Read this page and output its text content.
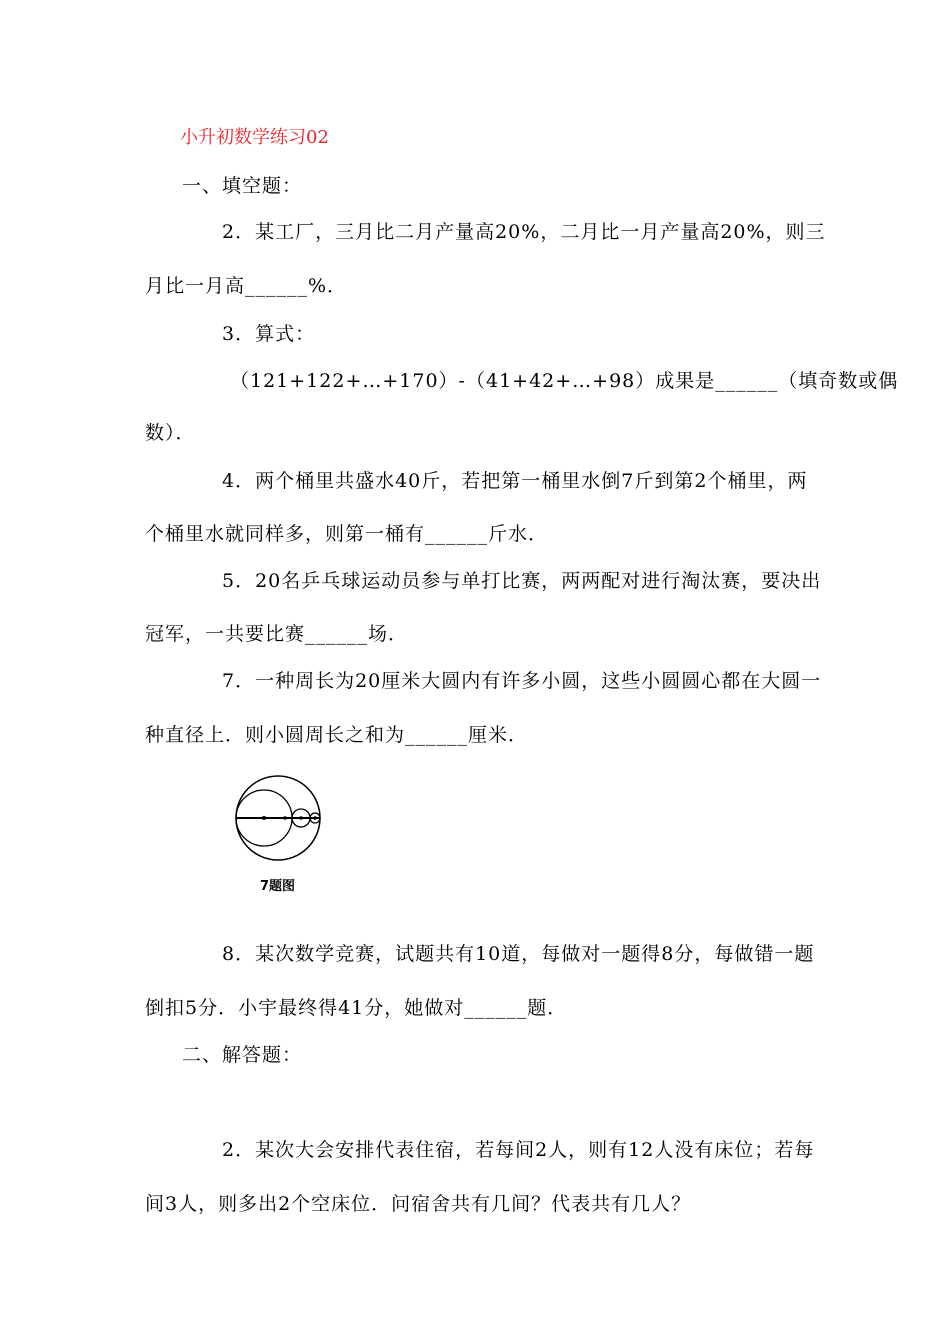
小升初数学练习02
一、填空题：
2．某工厂，三月比二月产量高20%，二月比一月产量高20%，则三
月比一月高______%．
3．算式：
（121+122+…+170）-（41+42+…+98）成果是______（填奇数或偶
数）．
4．两个桶里共盛水40斤，若把第一桶里水倒7斤到第2个桶里，两
个桶里水就同样多，则第一桶有______斤水．
5．20名乒乓球运动员参与单打比赛，两两配对进行淘汰赛，要决出
冠军，一共要比赛______场．
7．一种周长为20厘米大圆内有许多小圆，这些小圆圆心都在大圆一
种直径上．则小圆周长之和为______厘米．
7题图
8．某次数学竞赛，试题共有10道，每做对一题得8分，每做错一题
倒扣5分．小宇最终得41分，她做对______题．
二、解答题：
2．某次大会安排代表住宿，若每间2人，则有12人没有床位；若每
间3人，则多出2个空床位．问宿舍共有几间？代表共有几人？
